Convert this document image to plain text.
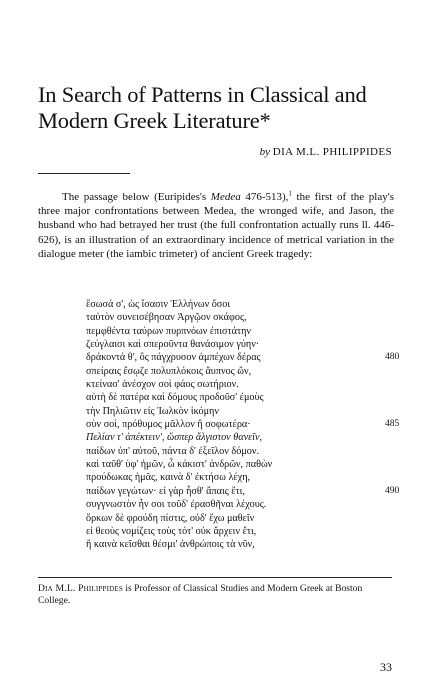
In Search of Patterns in Classical and Modern Greek Literature*
by DIA M.L. PHILIPPIDES

The passage below (Euripides's Medea 476-513),$^1$ the first of the play's three major confrontations between Medea, the wronged wife, and Jason, the husband who had betrayed her trust (the full confrontation actually runs ll. 446-626), is an illustration of an extraordinary incidence of metrical variation in the dialogue meter (the iambic trimeter) of ancient Greek tragedy:

ἔσωσά σ', ὡς ἴσασιν Ἑλλήνων ὅσοι
ταὐτὸν συνεισέβησαν Ἀργῷον σκάφος,
πεμφθέντα ταύρων πυρπνόων ἐπιστάτην
ζεύγλαισι καὶ σπεροῦντα θανάσιμον γύην·
δράκοντά θ', ὃς πάγχρυσον ἀμπέχων δέρας	480
σπείραις ἔσῳζε πολυπλόκοις ἄυπνος ὤν,
κτείνασ' ἀνέσχον σοὶ φάος σωτήριον.
αὐτὴ δὲ πατέρα καὶ δόμους προδοῦσ' ἐμοὺς
τὴν Πηλιῶτιν εἰς Ἰωλκὸν ἱκόμην
σὺν σοί, πρόθυμος μᾶλλον ἢ σοφωτέρα·	485
Πελίαν τ' ἀπέκτειν', ὥσπερ ἄλγιστον θανεῖν,
παίδων ὑπ' αὐτοῦ, πάντα δ' ἐξεῖλον δόμον.
καὶ ταῦθ' ὑφ' ἡμῶν, ὦ κάκιστ' ἀνδρῶν, παθὼν
προύδωκας ἡμᾶς, καινὰ δ' ἐκτήσω λέχη,
παίδων γεγώτων· εἰ γὰρ ἦσθ' ἄπαις ἔτι,	490
συγγνωστὸν ἦν σοι τοῦδ' ἐρασθῆναι λέχους.
ὅρκων δὲ φρούδη πίστις, οὐδ' ἔχω μαθεῖν
εἰ θεοὺς νομίζεις τοὺς τότ' οὐκ ἄρχειν ἔτι,
ἢ καινὰ κεῖσθαι θέσμι' ἀνθρώποις τὰ νῦν,

Dia M.L. Philippides is Professor of Classical Studies and Modern Greek at Boston College.

33
